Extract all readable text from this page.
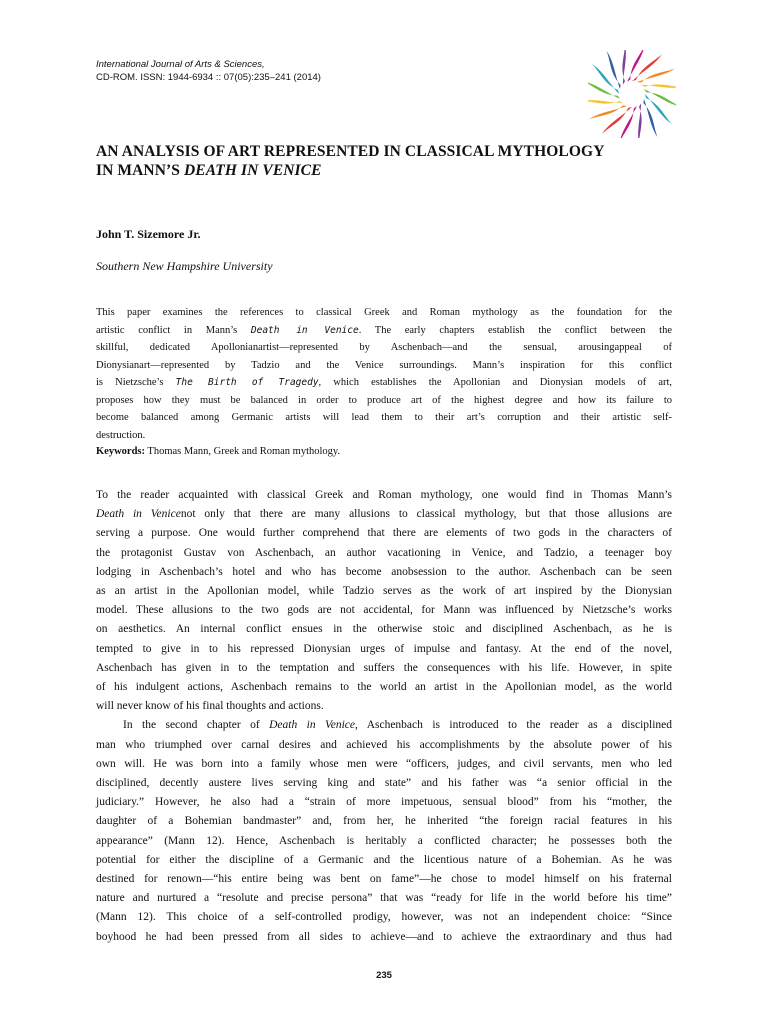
International Journal of Arts & Sciences,
CD-ROM. ISSN: 1944-6934 :: 07(05):235–241 (2014)
AN ANALYSIS OF ART REPRESENTED IN CLASSICAL MYTHOLOGY
IN MANN’S DEATH IN VENICE
John T. Sizemore Jr.
Southern New Hampshire University
This paper examines the references to classical Greek and Roman mythology as the foundation for the
artistic conflict in Mann’s Death in Venice. The early chapters establish the conflict between the
skillful, dedicated Apollonianartist—represented by Aschenbach—and the sensual, arousingappeal of
Dionysianart—represented by Tadzio and the Venice surroundings. Mann’s inspiration for this conflict
is Nietzsche’s The Birth of Tragedy, which establishes the Apollonian and Dionysian models of art,
proposes how they must be balanced in order to produce art of the highest degree and how its failure to
become balanced among Germanic artists will lead them to their art’s corruption and their artistic self-
destruction.
Keywords: Thomas Mann, Greek and Roman mythology.
To the reader acquainted with classical Greek and Roman mythology, one would find in Thomas Mann’s
Death in Venicenot only that there are many allusions to classical mythology, but that those allusions are
serving a purpose. One would further comprehend that there are elements of two gods in the characters of
the protagonist Gustav von Aschenbach, an author vacationing in Venice, and Tadzio, a teenager boy
lodging in Aschenbach’s hotel and who has become anobsession to the author. Aschenbach can be seen
as an artist in the Apollonian model, while Tadzio serves as the work of art inspired by the Dionysian
model. These allusions to the two gods are not accidental, for Mann was influenced by Nietzsche’s works
on aesthetics. An internal conflict ensues in the otherwise stoic and disciplined Aschenbach, as he is
tempted to give in to his repressed Dionysian urges of impulse and fantasy. At the end of the novel,
Aschenbach has given in to the temptation and suffers the consequences with his life. However, in spite
of his indulgent actions, Aschenbach remains to the world an artist in the Apollonian model, as the world
will never know of his final thoughts and actions.
In the second chapter of Death in Venice, Aschenbach is introduced to the reader as a disciplined
man who triumphed over carnal desires and achieved his accomplishments by the absolute power of his
own will. He was born into a family whose men were “officers, judges, and civil servants, men who led
disciplined, decently austere lives serving king and state” and his father was “a senior official in the
judiciary.” However, he also had a “strain of more impetuous, sensual blood” from his “mother, the
daughter of a Bohemian bandmaster” and, from her, he inherited “the foreign racial features in his
appearance” (Mann 12). Hence, Aschenbach is heritably a conflicted character; he possesses both the
potential for either the discipline of a Germanic and the licentious nature of a Bohemian. As he was
destined for renown—“his entire being was bent on fame”—he chose to model himself on his fraternal
nature and nurtured a “resolute and precise persona” that was “ready for life in the world before his time”
(Mann 12). This choice of a self-controlled prodigy, however, was not an independent choice: “Since
boyhood he had been pressed from all sides to achieve—and to achieve the extraordinary and thus had
235
